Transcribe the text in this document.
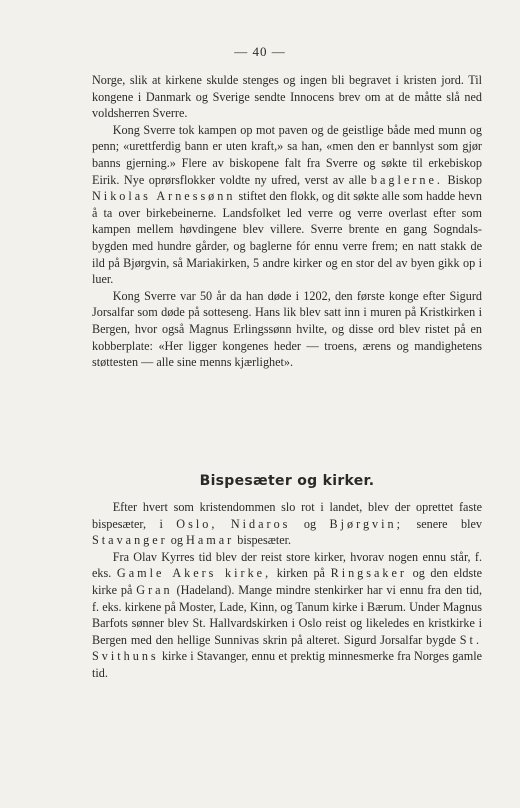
— 40 —

Norge, slik at kirkene skulde stenges og ingen bli begravet i kristen jord. Til kongene i Danmark og Sverige sendte Innocens brev om at de måtte slå ned voldsherren Sverre.

Kong Sverre tok kampen op mot paven og de geistlige både med munn og penn; «urettferdig bann er uten kraft,» sa han, «men den er bannlyst som gjør banns gjerning.» Flere av biskopene falt fra Sverre og søkte til erkebiskop Eirik. Nye oprørsflokker voldte ny ufred, verst av alle baglerne. Biskop Nikolas Arnessønn stiftet den flokk, og dit søkte alle som hadde hevn å ta over birkebeinerne. Landsfolket led verre og verre overlast efter som kampen mellem høvdingene blev villere. Sverre brente en gang Sogndals-bygden med hundre gårder, og baglerne fór ennu verre frem; en natt stakk de ild på Bjørgvin, så Mariakirken, 5 andre kirker og en stor del av byen gikk op i luer.

Kong Sverre var 50 år da han døde i 1202, den første konge efter Sigurd Jorsalfar som døde på sotteseng. Hans lik blev satt inn i muren på Kristkirken i Bergen, hvor også Magnus Erlingssønn hvilte, og disse ord blev ristet på en kobberplate: «Her ligger kongenes heder — troens, ærens og mandighetens støttesten — alle sine menns kjærlighet».

Bispesæter og kirker.

Efter hvert som kristendommen slo rot i landet, blev der oprettet faste bispesæter, i Oslo, Nidaros og Bjørgvin; senere blev Stavanger og Hamar bispesæter.

Fra Olav Kyrres tid blev der reist store kirker, hvorav nogen ennu står, f. eks. Gamle Akers kirke, kirken på Ringsaker og den eldste kirke på Gran (Hadeland). Mange mindre stenkirker har vi ennu fra den tid, f. eks. kirkene på Moster, Lade, Kinn, og Tanum kirke i Bærum. Under Magnus Barfots sønner blev St. Hallvardskirken i Oslo reist og likeledes en kristkirke i Bergen med den hellige Sunnivas skrin på alteret. Sigurd Jorsalfar bygde St. Svithuns kirke i Stavanger, ennu et prektig minnesmerke fra Norges gamle tid.
